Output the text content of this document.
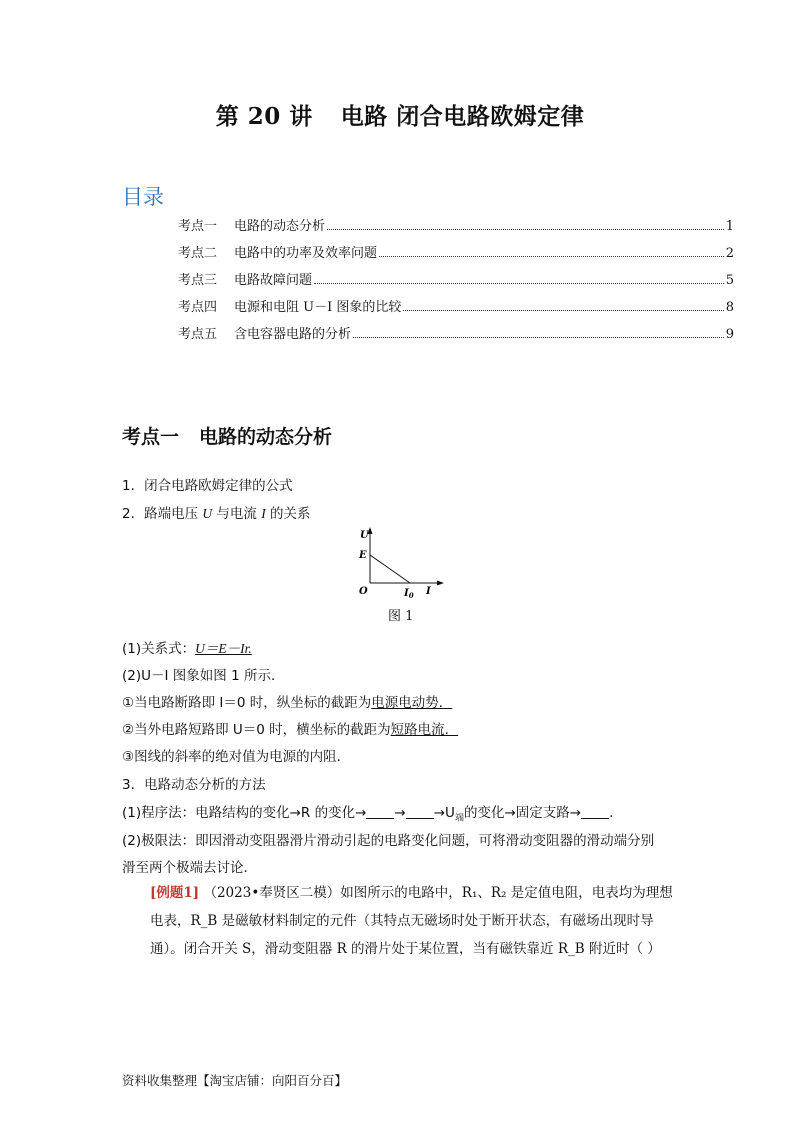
第 20 讲 电路 闭合电路欧姆定律
目录
考点一	电路的动态分析	1
考点二	电路中的功率及效率问题	2
考点三	电路故障问题	5
考点四	电源和电阻 U－I 图象的比较	8
考点五	含电容器电路的分析	9
考点一 电路的动态分析
1．闭合电路欧姆定律的公式
2．路端电压 U 与电流 I 的关系
U
E
O	$I_0$ I
图 1
(1)关系式：U＝E－Ir.
(2)U－I 图象如图 1 所示．
①当电路断路即 I＝0 时，纵坐标的截距为电源电动势．
②当外电路短路即 U＝0 时，横坐标的截距为短路电流．
③图线的斜率的绝对值为电源的内阻．
3．电路动态分析的方法
(1)程序法：电路结构的变化→R 的变化→ → $\to U_端$的变化→固定支路→ .
(2)极限法：即因滑动变阻器滑片滑动引起的电路变化问题，可将滑动变阻器的滑动端分别
滑至两个极端去讨论．
[例题1] （2023•奉贤区二模）如图所示的电路中，R₁、R₂ 是定值电阻，电表均为理想电表，R_B 是磁敏材料制定的元件（其特点无磁场时处于断开状态，有磁场出现时导通）。闭合开关 S，滑动变阻器 R 的滑片处于某位置，当有磁铁靠近 R_B 附近时（ ）
资料收集整理【淘宝店铺：向阳百分百】
